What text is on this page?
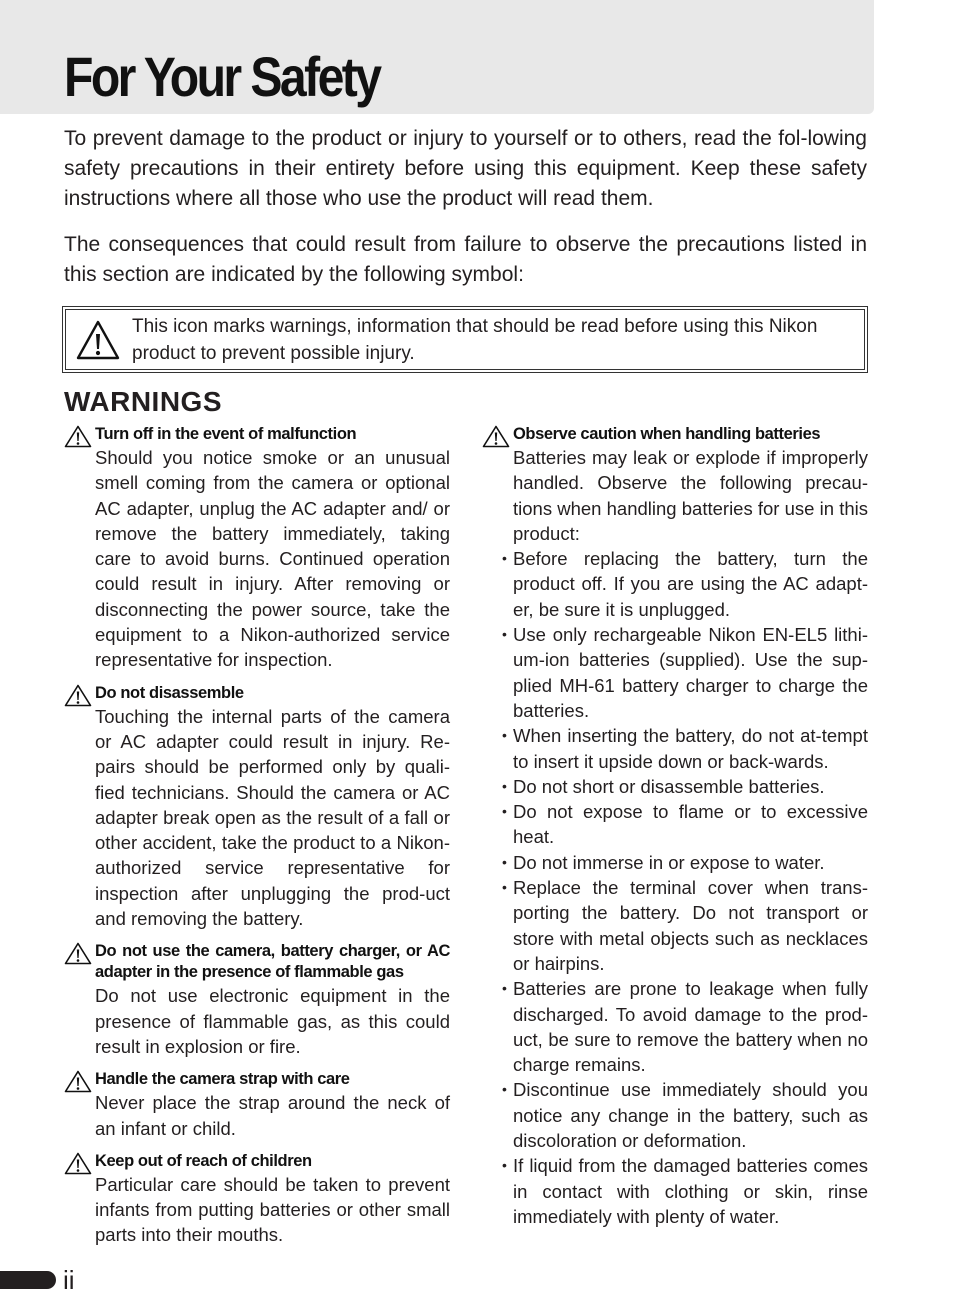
For Your Safety

To prevent damage to the product or injury to yourself or to others, read the fol-lowing safety precautions in their entirety before using this equipment. Keep these safety instructions where all those who use the product will read them.

The consequences that could result from failure to observe the precautions listed in this section are indicated by the following symbol:

This icon marks warnings, information that should be read before using this Nikon product to prevent possible injury.

WARNINGS
Turn off in the event of malfunction

Should you notice smoke or an unusual smell coming from the camera or optional AC adapter, unplug the AC adapter and/ or remove the battery immediately, taking care to avoid burns. Continued operation could result in injury. After removing or disconnecting the power source, take the equipment to a Nikon-authorized service representative for inspection.

Do not disassemble

Touching the internal parts of the camera or AC adapter could result in injury. Re-pairs should be performed only by quali-fied technicians. Should the camera or AC adapter break open as the result of a fall or other accident, take the product to a Nikon-authorized service representative for inspection after unplugging the prod-uct and removing the battery.

Do not use the camera, battery charger, or AC adapter in the presence of flammable gas

Do not use electronic equipment in the presence of flammable gas, as this could result in explosion or fire.

Handle the camera strap with care

Never place the strap around the neck of an infant or child.

Keep out of reach of children

Particular care should be taken to prevent infants from putting batteries or other small parts into their mouths.

Observe caution when handling batteries

Batteries may leak or explode if improperly handled. Observe the following precau-tions when handling batteries for use in this product:

• Before replacing the battery, turn the product off. If you are using the AC adapt-er, be sure it is unplugged.
• Use only rechargeable Nikon EN-EL5 lithi-um-ion batteries (supplied). Use the sup-plied MH-61 battery charger to charge the batteries.
• When inserting the battery, do not at-tempt to insert it upside down or back-wards.
• Do not short or disassemble batteries.
• Do not expose to flame or to excessive heat.
• Do not immerse in or expose to water.
• Replace the terminal cover when trans-porting the battery. Do not transport or store with metal objects such as necklaces or hairpins.
• Batteries are prone to leakage when fully discharged. To avoid damage to the prod-uct, be sure to remove the battery when no charge remains.
• Discontinue use immediately should you notice any change in the battery, such as discoloration or deformation.
• If liquid from the damaged batteries comes in contact with clothing or skin, rinse immediately with plenty of water.

ii
